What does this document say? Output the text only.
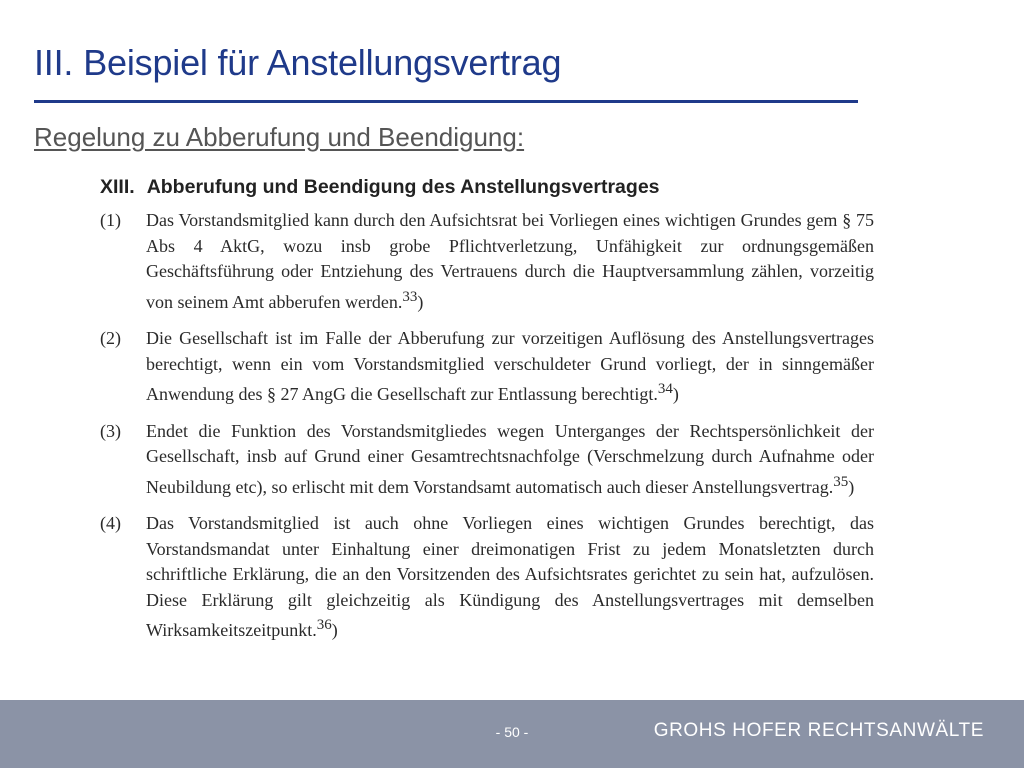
III. Beispiel für Anstellungsvertrag
Regelung zu Abberufung und Beendigung:
XIII. Abberufung und Beendigung des Anstellungsvertrages
(1)	Das Vorstandsmitglied kann durch den Aufsichtsrat bei Vorliegen eines wichtigen Grundes gem § 75 Abs 4 AktG, wozu insb grobe Pflichtverletzung, Unfähigkeit zur ordnungsgemäßen Geschäftsführung oder Entziehung des Vertrauens durch die Hauptversammlung zählen, vorzeitig von seinem Amt abberufen werden.$^{33}$)
(2)	Die Gesellschaft ist im Falle der Abberufung zur vorzeitigen Auflösung des Anstellungsvertrages berechtigt, wenn ein vom Vorstandsmitglied verschuldeter Grund vorliegt, der in sinngemäßer Anwendung des § 27 AngG die Gesellschaft zur Entlassung berechtigt.$^{34}$)
(3)	Endet die Funktion des Vorstandsmitgliedes wegen Unterganges der Rechtspersönlichkeit der Gesellschaft, insb auf Grund einer Gesamtrechtsnachfolge (Verschmelzung durch Aufnahme oder Neubildung etc), so erlischt mit dem Vorstandsamt automatisch auch dieser Anstellungsvertrag.$^{35}$)
(4)	Das Vorstandsmitglied ist auch ohne Vorliegen eines wichtigen Grundes berechtigt, das Vorstandsmandat unter Einhaltung einer dreimonatigen Frist zu jedem Monatsletzten durch schriftliche Erklärung, die an den Vorsitzenden des Aufsichtsrates gerichtet zu sein hat, aufzulösen. Diese Erklärung gilt gleichzeitig als Kündigung des Anstellungsvertrages mit demselben Wirksamkeitszeitpunkt.$^{36}$)
- 50 -	GROHS HOFER RECHTSANWÄLTE
